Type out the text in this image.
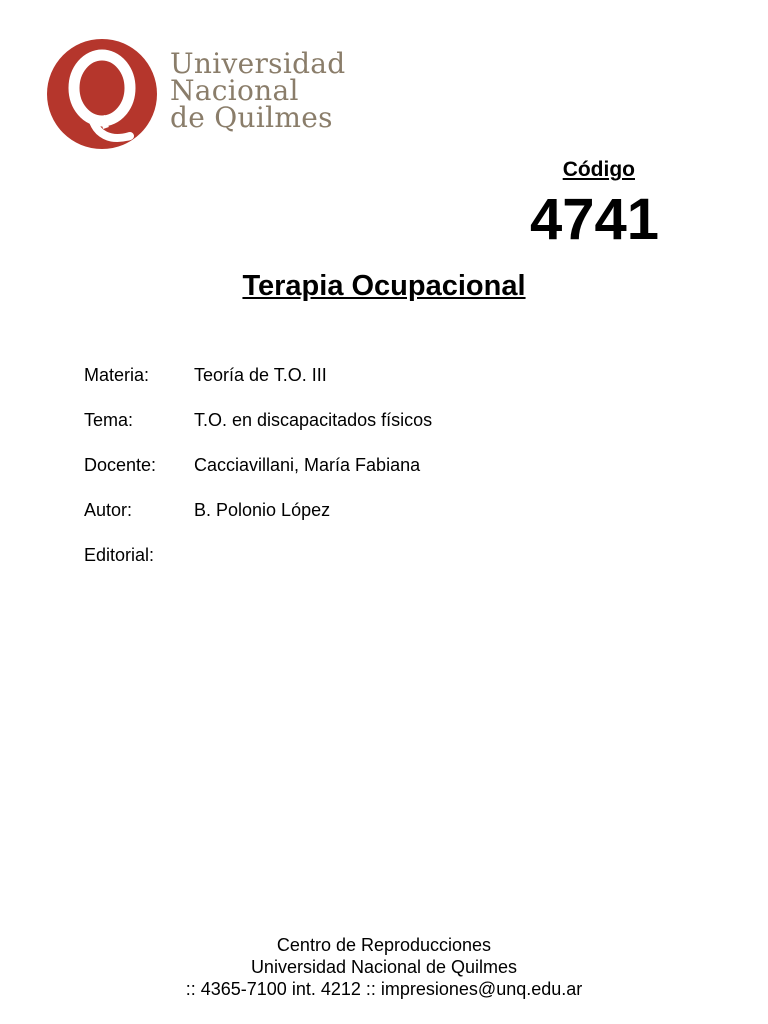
Universidad
Nacional
de Quilmes
Código
4741
Terapia Ocupacional
Materia: Teoría de T.O. III
Tema:	T.O. en discapacitados físicos
Docente: Cacciavillani, María Fabiana
Autor:	B. Polonio López
Editorial:
Centro de Reproducciones
Universidad Nacional de Quilmes
:: 4365-7100 int. 4212 :: impresiones@unq.edu.ar
